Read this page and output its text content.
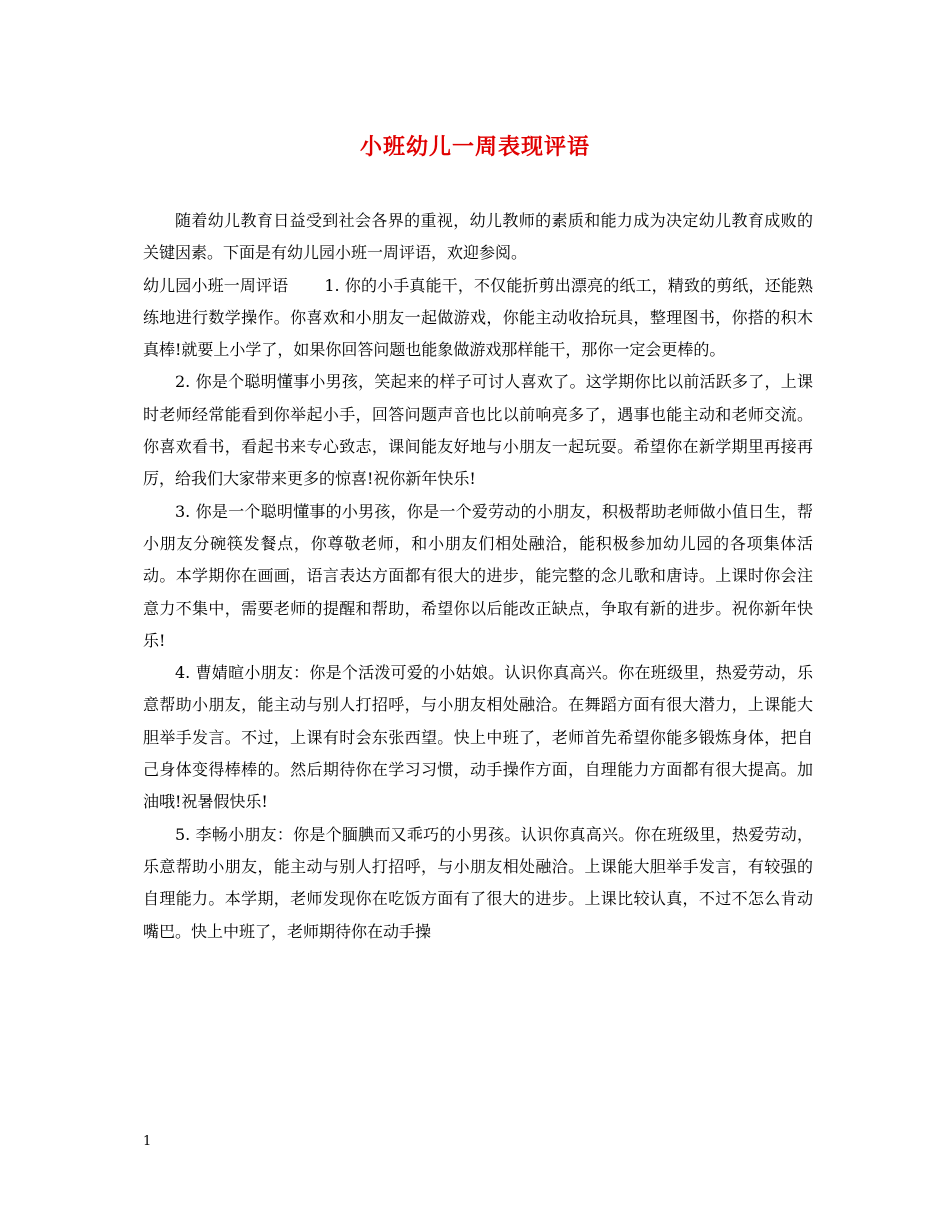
小班幼儿一周表现评语

随着幼儿教育日益受到社会各界的重视，幼儿教师的素质和能力成为决定幼儿教育成败的关键因素。下面是有幼儿园小班一周评语，欢迎参阅。

幼儿园小班一周评语 1. 你的小手真能干，不仅能折剪出漂亮的纸工，精致的剪纸，还能熟练地进行数学操作。你喜欢和小朋友一起做游戏，你能主动收拾玩具，整理图书，你搭的积木真棒!就要上小学了，如果你回答问题也能象做游戏那样能干，那你一定会更棒的。

2. 你是个聪明懂事小男孩，笑起来的样子可讨人喜欢了。这学期你比以前活跃多了，上课时老师经常能看到你举起小手，回答问题声音也比以前响亮多了，遇事也能主动和老师交流。你喜欢看书，看起书来专心致志，课间能友好地与小朋友一起玩耍。希望你在新学期里再接再厉，给我们大家带来更多的惊喜!祝你新年快乐!

3. 你是一个聪明懂事的小男孩，你是一个爱劳动的小朋友，积极帮助老师做小值日生，帮小朋友分碗筷发餐点，你尊敬老师，和小朋友们相处融洽，能积极参加幼儿园的各项集体活动。本学期你在画画，语言表达方面都有很大的进步，能完整的念儿歌和唐诗。上课时你会注意力不集中，需要老师的提醒和帮助，希望你以后能改正缺点，争取有新的进步。祝你新年快乐!

4. 曹婧暄小朋友：你是个活泼可爱的小姑娘。认识你真高兴。你在班级里，热爱劳动，乐意帮助小朋友，能主动与别人打招呼，与小朋友相处融洽。在舞蹈方面有很大潜力，上课能大胆举手发言。不过，上课有时会东张西望。快上中班了，老师首先希望你能多锻炼身体，把自己身体变得棒棒的。然后期待你在学习习惯，动手操作方面，自理能力方面都有很大提高。加油哦!祝暑假快乐!

5. 李畅小朋友：你是个腼腆而又乖巧的小男孩。认识你真高兴。你在班级里，热爱劳动，乐意帮助小朋友，能主动与别人打招呼，与小朋友相处融洽。上课能大胆举手发言，有较强的自理能力。本学期，老师发现你在吃饭方面有了很大的进步。上课比较认真，不过不怎么肯动嘴巴。快上中班了，老师期待你在动手操

1
